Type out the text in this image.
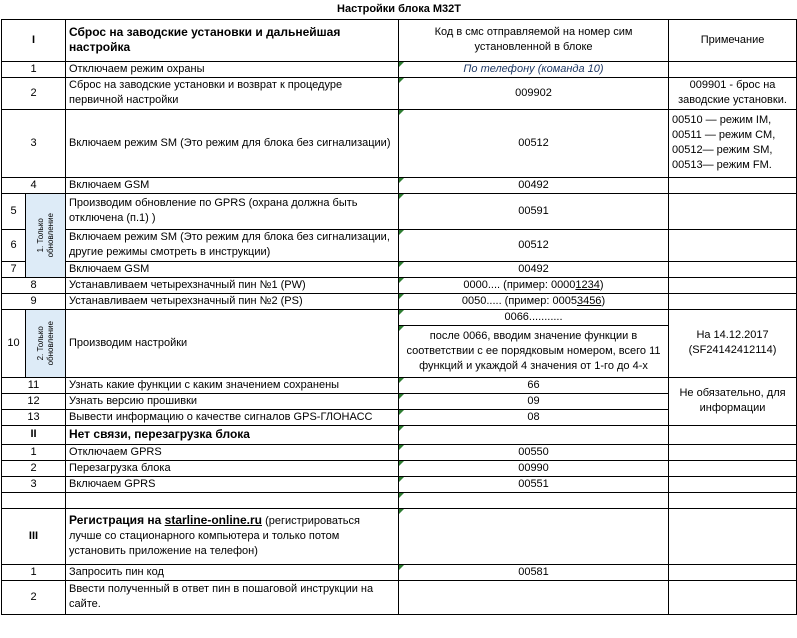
Настройки блока M32T				
I		Сброс на заводские установки и дальнейшая настройка	Код в смс отправляемой на номер сим установленной в блоке	Примечание
1		Отключаем режим охраны	По телефону (команда 10)	
2		Сброс на заводские установки и возврат к процедуре первичной настройки	009902	009901 - брос на заводские установки.
3		Включаем режим SM (Это режим для блока без сигнализации)	00512	00510 — режим IM,
00511 — режим CM,
00512— режим SM,
00513— режим FM.

4		Включаем GSM	00492	
5	1. Только
обновление	Производим обновление по GPRS (охрана должна быть отключена (п.1) )	00591	
6		Включаем режим SM (Это режим для блока без сигнализации, другие режимы смотреть в инструкции)	00512	
7		Включаем GSM	00492	
8		Устанавливаем четырехзначный пин №1 (PW)	0000.... (пример: 00001234)	
9		Устанавливаем четырехзначный пин №2 (PS)	0050..... (пример: 00053456)	
10	2. Только
обновление	Производим настройки	0066...........	На 14.12.2017 (SF24142412114)
			после 0066, вводим значение функции в соответствии с ее порядковым номером, всего 11 функций и укаждой 4 значения от 1-го до 4-х	
11		Узнать какие функции с каким значением сохранены	66	Не обязательно, для информации
12		Узнать версию прошивки	09	
13		Вывести информацию о качестве сигналов GPS-ГЛОНАСС	08	
II		Нет связи, перезагрузка блока		
1		Отключаем GPRS	00550	
2		Перезагрузка блока	00990	
3		Включаем GPRS	00551	

III		Регистрация на starline-online.ru (регистрироваться лучше со стационарного компьютера и только потом установить приложение на телефон)		
1		Запросить пин код	00581	
2		Ввести полученный в ответ пин в пошаговой инструкции на сайте.		
